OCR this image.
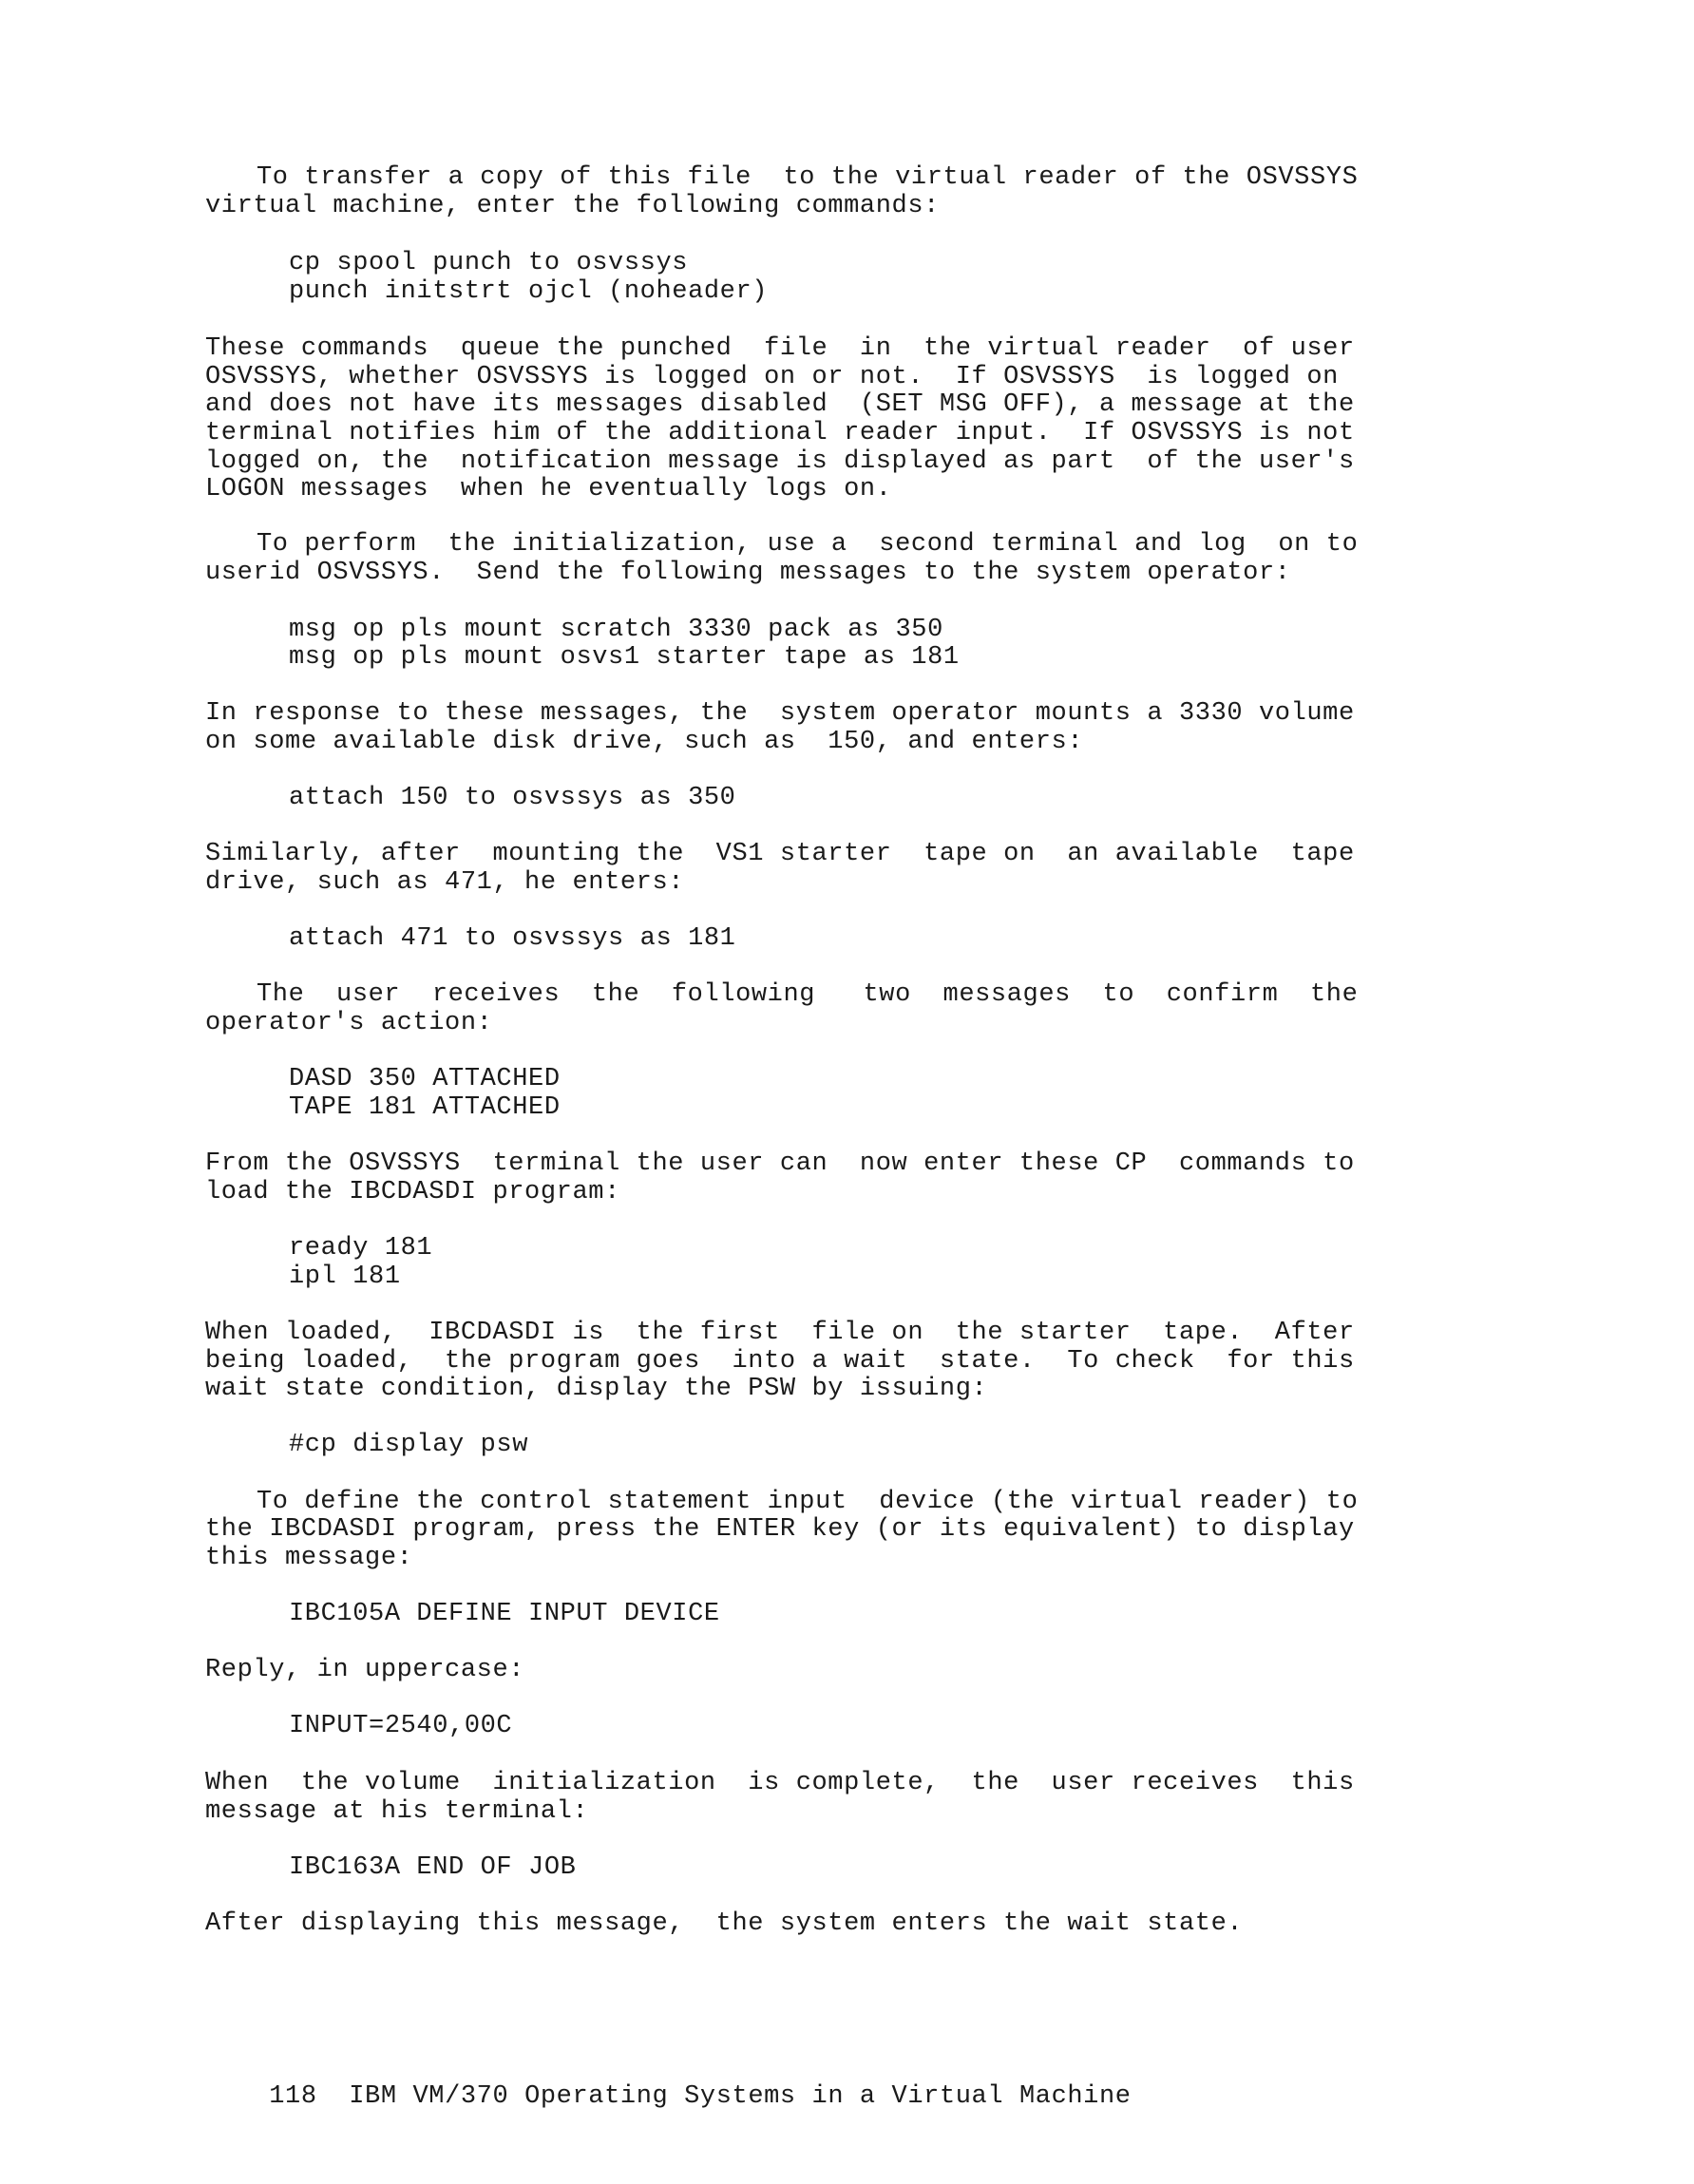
To transfer a copy of this file  to the virtual reader of the OSVSSYS
virtual machine, enter the following commands:
cp spool punch to osvssys
punch initstrt ojcl (noheader)
These commands  queue the punched  file  in  the virtual reader  of user
OSVSSYS, whether OSVSSYS is logged on or not.  If OSVSSYS  is logged on
and does not have its messages disabled  (SET MSG OFF), a message at the
terminal notifies him of the additional reader input.  If OSVSSYS is not
logged on, the  notification message is displayed as part  of the user's
LOGON messages  when he eventually logs on.
To perform  the initialization, use a  second terminal and log  on to
userid OSVSSYS.  Send the following messages to the system operator:
msg op pls mount scratch 3330 pack as 350
msg op pls mount osvs1 starter tape as 181
In response to these messages, the  system operator mounts a 3330 volume
on some available disk drive, such as  150, and enters:
attach 150 to osvssys as 350
Similarly, after  mounting the  VS1 starter  tape on  an available  tape
drive, such as 471, he enters:
attach 471 to osvssys as 181
The  user  receives  the  following   two  messages  to  confirm  the
operator's action:
DASD 350 ATTACHED
TAPE 181 ATTACHED
From the OSVSSYS  terminal the user can  now enter these CP  commands to
load the IBCDASDI program:
ready 181
ipl 181
When loaded,  IBCDASDI is  the first  file on  the starter  tape.  After
being loaded,  the program goes  into a wait  state.  To check  for this
wait state condition, display the PSW by issuing:
#cp display psw
To define the control statement input  device (the virtual reader) to
the IBCDASDI program, press the ENTER key (or its equivalent) to display
this message:
IBC105A DEFINE INPUT DEVICE
Reply, in uppercase:
INPUT=2540,00C
When  the volume  initialization  is complete,  the  user receives  this
message at his terminal:
IBC163A END OF JOB
After displaying this message,  the system enters the wait state.

118 IBM VM/370 Operating Systems in a Virtual Machine
